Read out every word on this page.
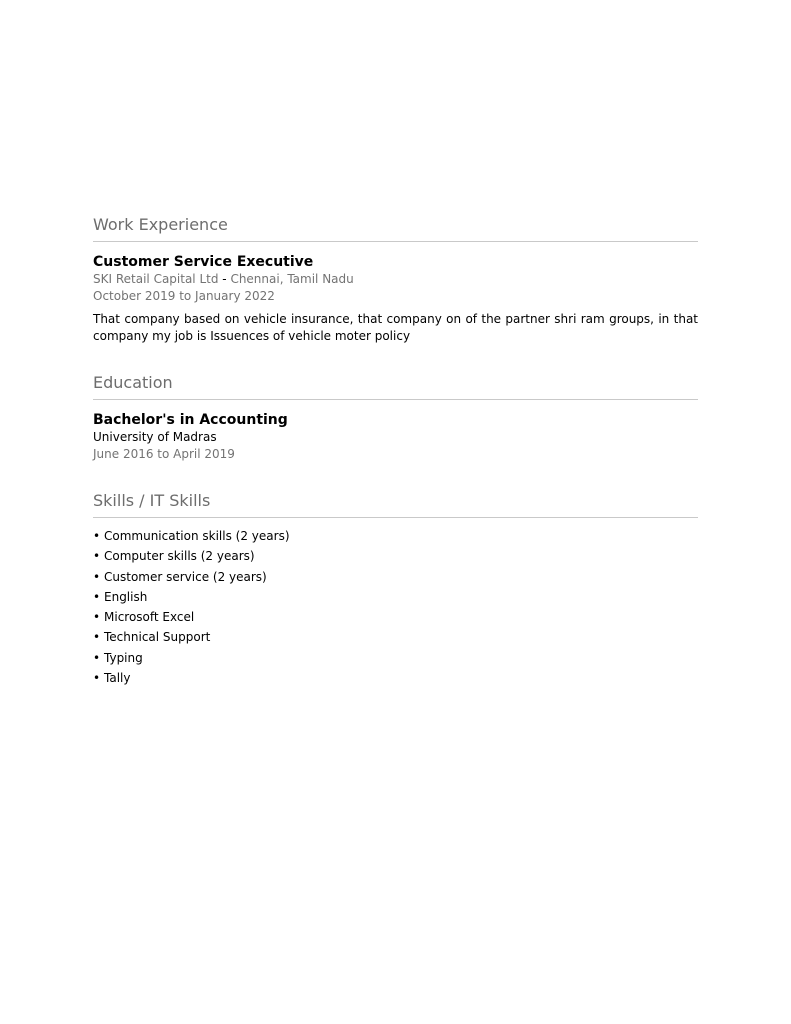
Work Experience
Customer Service Executive
SKI Retail Capital Ltd - Chennai, Tamil Nadu
October 2019 to January 2022
That company based on vehicle insurance, that company on of the partner shri ram groups, in that company my job is Issuences of vehicle moter policy
Education
Bachelor's in Accounting
University of Madras
June 2016 to April 2019
Skills / IT Skills
• Communication skills (2 years)
• Computer skills (2 years)
• Customer service (2 years)
• English
• Microsoft Excel
• Technical Support
• Typing
• Tally
